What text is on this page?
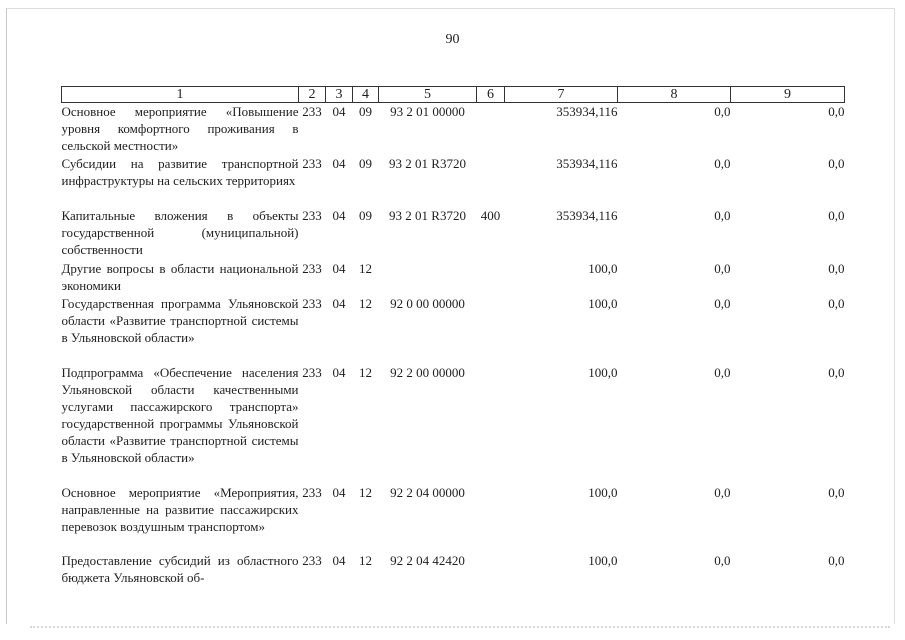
90
1	2	3	4	5	6	7	8	9
Основное мероприятие «Повышение уровня комфортного проживания в сельской местности»	233	04	09	93 2 01 00000		353934,116	0,0	0,0
Субсидии на развитие транспортной инфраструктуры на сельских территориях	233	04	09	93 2 01 R3720		353934,116	0,0	0,0
Капитальные вложения в объекты государственной (муниципальной) собственности	233	04	09	93 2 01 R3720	400	353934,116	0,0	0,0
Другие вопросы в области национальной экономики	233	04	12			100,0	0,0	0,0
Государственная программа Ульяновской области «Развитие транспортной системы в Ульяновской области»	233	04	12	92 0 00 00000		100,0	0,0	0,0
Подпрограмма «Обеспечение населения Ульяновской области качественными услугами пассажирского транспорта» государственной программы Ульяновской области «Развитие транспортной системы в Ульяновской области»	233	04	12	92 2 00 00000		100,0	0,0	0,0
Основное мероприятие «Мероприятия, направленные на развитие пассажирских перевозок воздушным транспортом»	233	04	12	92 2 04 00000		100,0	0,0	0,0
Предоставление субсидий из областного бюджета Ульяновской об-	233	04	12	92 2 04 42420		100,0	0,0	0,0
